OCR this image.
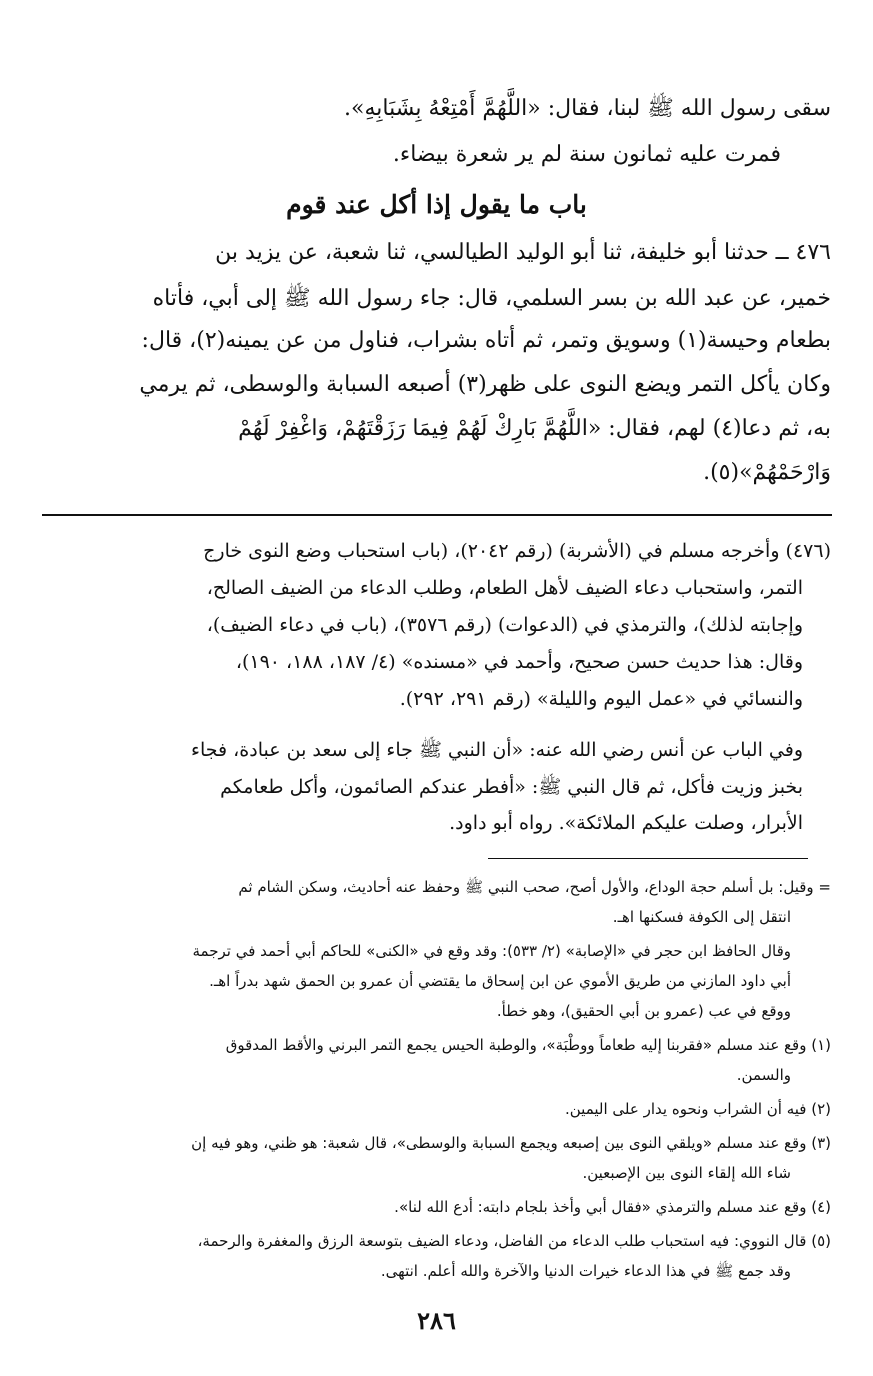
سقى رسول الله ﷺ لبنا، فقال: «اللَّهُمَّ أَمْتِعْهُ بِشَبَابِهِ».
فمرت عليه ثمانون سنة لم ير شعرة بيضاء.
باب ما يقول إذا أكل عند قوم
٤٧٦ ــ حدثنا أبو خليفة، ثنا أبو الوليد الطيالسي، ثنا شعبة، عن يزيد بن
خمير، عن عبد الله بن بسر السلمي، قال: جاء رسول الله ﷺ إلى أبي، فأتاه
بطعام وحيسة(١) وسويق وتمر، ثم أتاه بشراب، فناول من عن يمينه(٢)، قال:
وكان يأكل التمر ويضع النوى على ظهر(٣) أصبعه السبابة والوسطى، ثم يرمي
به، ثم دعا(٤) لهم، فقال: «اللَّهُمَّ بَارِكْ لَهُمْ فِيمَا رَزَقْتَهُمْ، وَاغْفِرْ لَهُمْ
وَارْحَمْهُمْ»(٥).
(٤٧٦) وأخرجه مسلم في (الأشربة) (رقم ٢٠٤٢)، (باب استحباب وضع النوى خارج
التمر، واستحباب دعاء الضيف لأهل الطعام، وطلب الدعاء من الضيف الصالح،
وإجابته لذلك)، والترمذي في (الدعوات) (رقم ٣٥٧٦)، (باب في دعاء الضيف)،
وقال: هذا حديث حسن صحيح، وأحمد في «مسنده» (٤/ ١٨٧، ١٨٨، ١٩٠)،
والنسائي في «عمل اليوم والليلة» (رقم ٢٩١، ٢٩٢).
وفي الباب عن أنس رضي الله عنه: «أن النبي ﷺ جاء إلى سعد بن عبادة، فجاء
بخبز وزيت فأكل، ثم قال النبي ﷺ: «أفطر عندكم الصائمون، وأكل طعامكم
الأبرار، وصلت عليكم الملائكة». رواه أبو داود.
= وقيل: بل أسلم حجة الوداع، والأول أصح، صحب النبي ﷺ وحفظ عنه أحاديث، وسكن الشام ثم
انتقل إلى الكوفة فسكنها اهـ.
وقال الحافظ ابن حجر في «الإصابة» (٢/ ٥٣٣): وقد وقع في «الكنى» للحاكم أبي أحمد في ترجمة
أبي داود المازني من طريق الأموي عن ابن إسحاق ما يقتضي أن عمرو بن الحمق شهد بدراً اهـ.
ووقع في عب (عمرو بن أبي الحقيق)، وهو خطأ.
(١) وقع عند مسلم «فقربنا إليه طعاماً ووطْبَة»، والوطبة الحيس يجمع التمر البرني والأقط المدقوق
والسمن.
(٢) فيه أن الشراب ونحوه يدار على اليمين.
(٣) وقع عند مسلم «ويلقي النوى بين إصبعه ويجمع السبابة والوسطى»، قال شعبة: هو ظني، وهو فيه إن
شاء الله إلقاء النوى بين الإصبعين.
(٤) وقع عند مسلم والترمذي «فقال أبي وأخذ بلجام دابته: أدع الله لنا».
(٥) قال النووي: فيه استحباب طلب الدعاء من الفاضل، ودعاء الضيف بتوسعة الرزق والمغفرة والرحمة،
وقد جمع ﷺ في هذا الدعاء خيرات الدنيا والآخرة والله أعلم. انتهى.
٢٨٦
